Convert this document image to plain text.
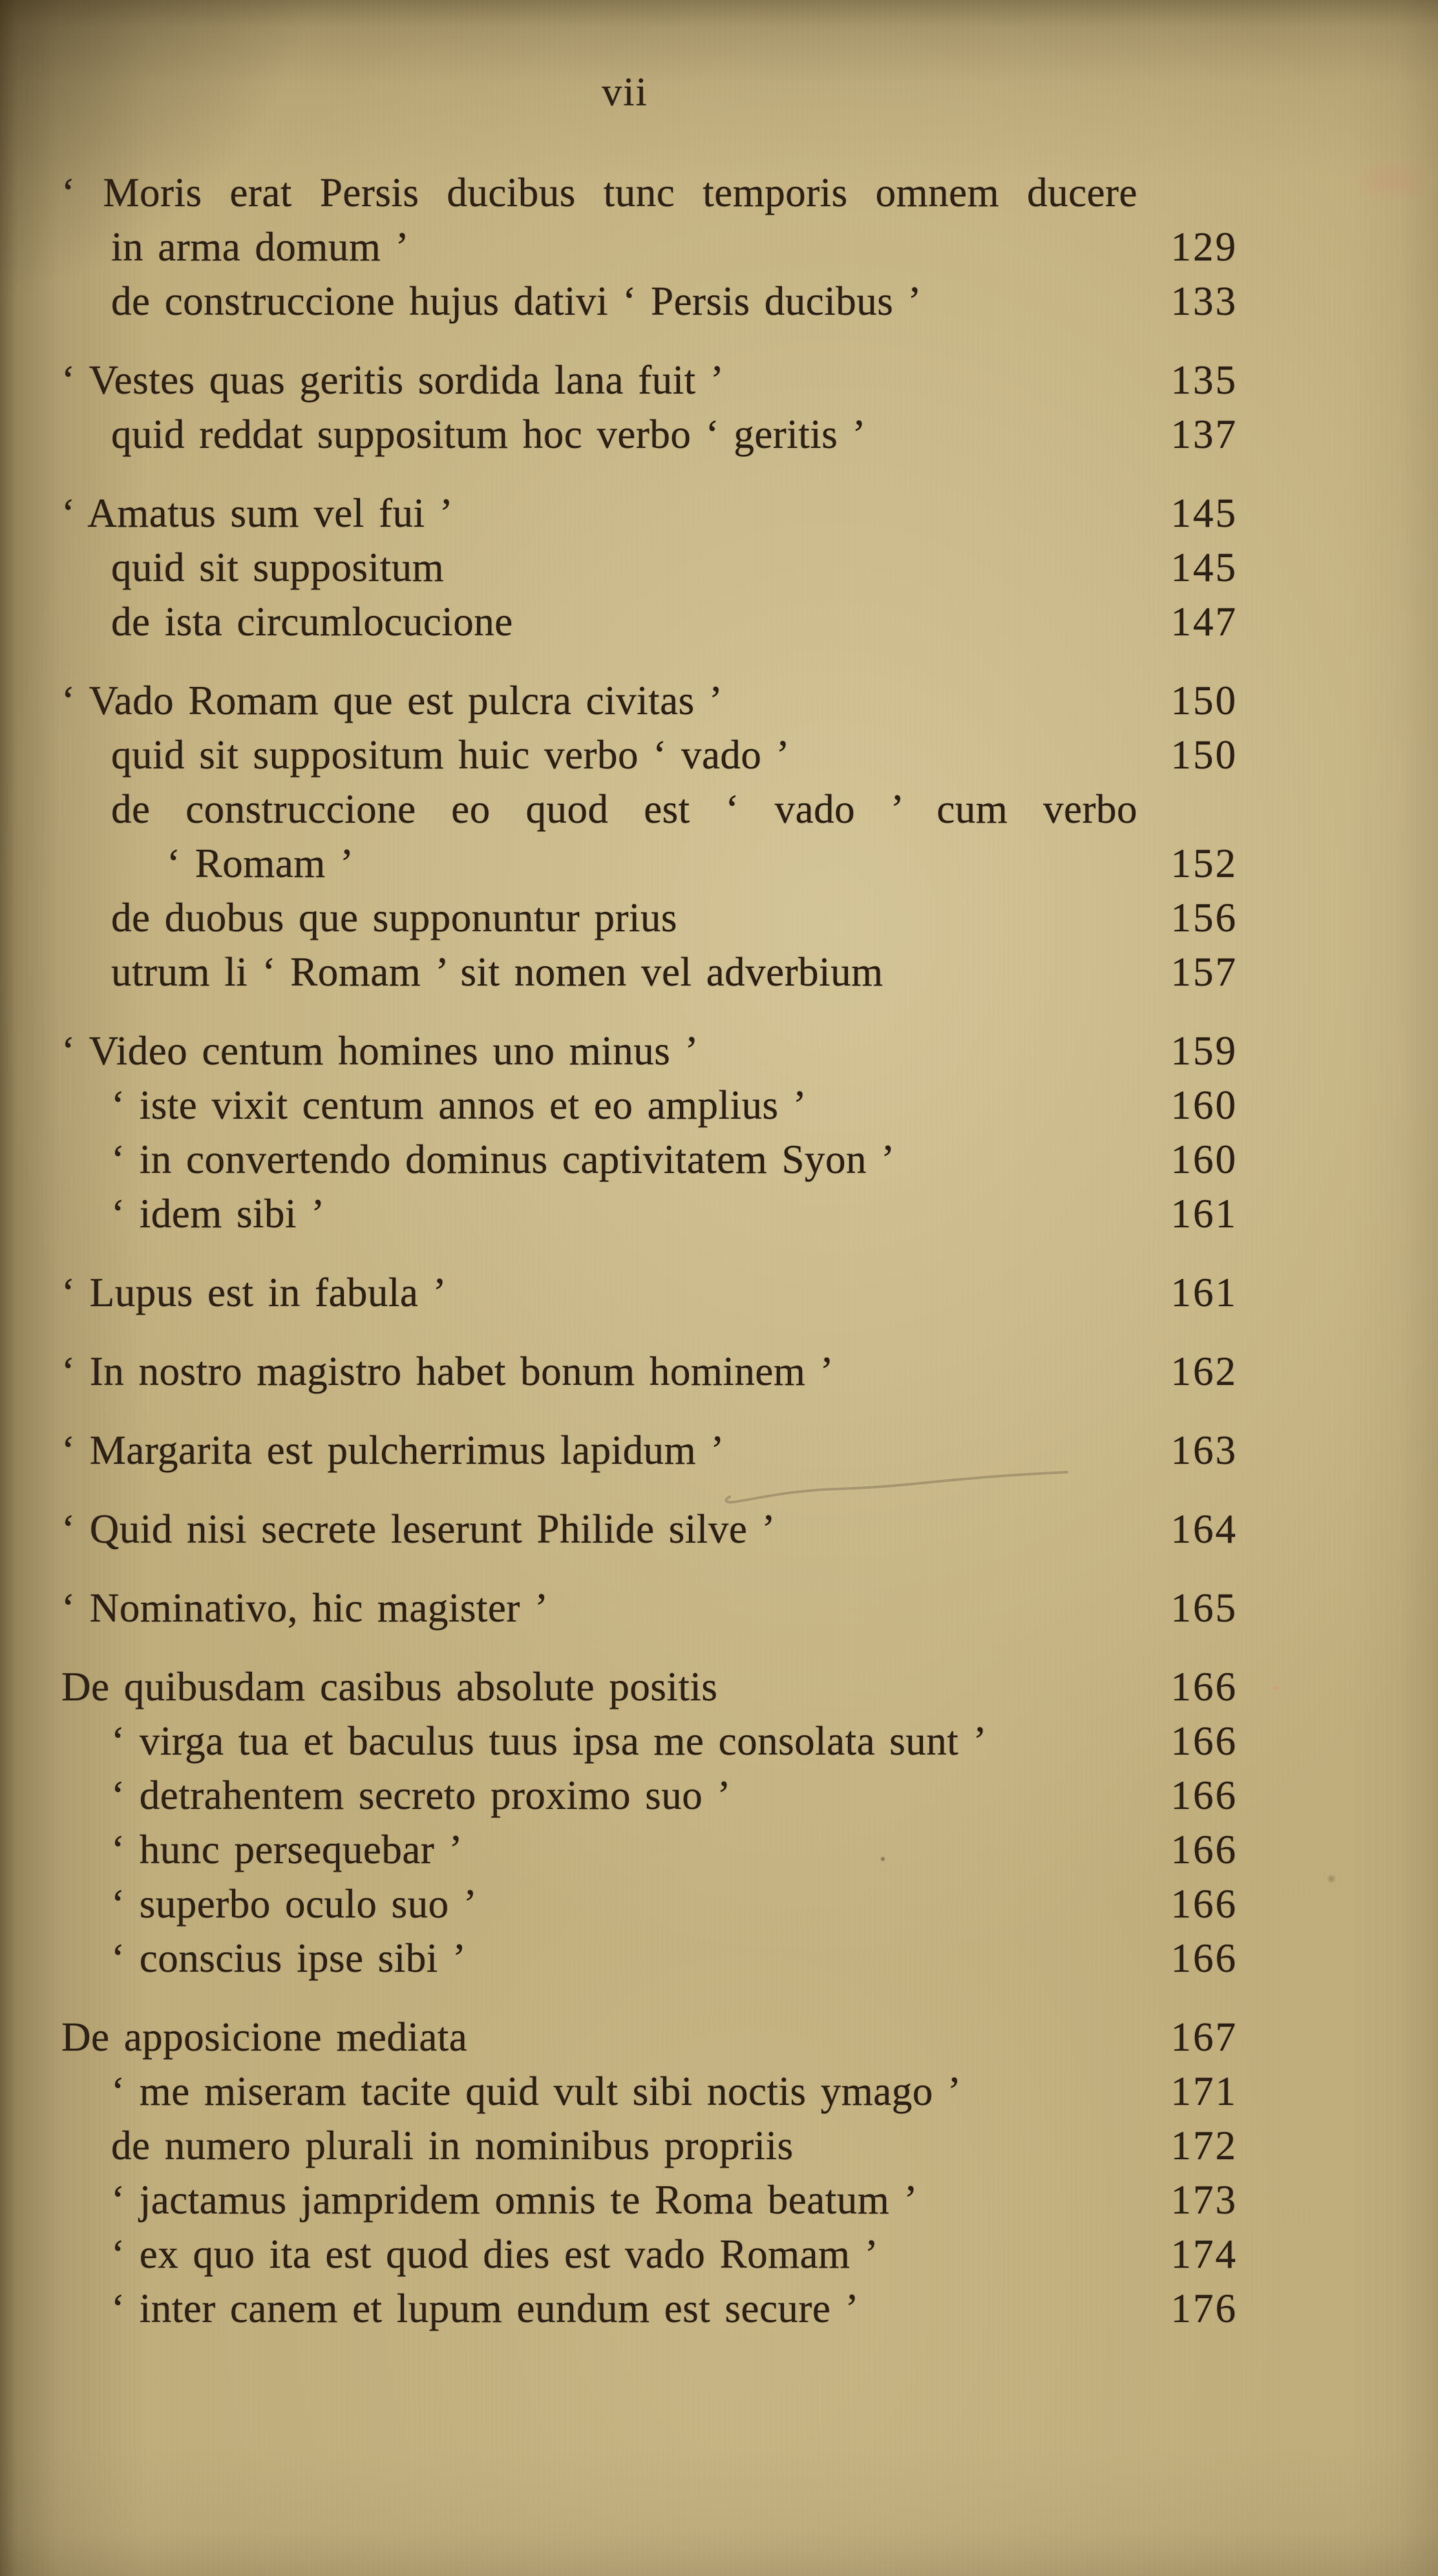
vii
‘ Moris erat Persis ducibus tunc temporis omnem ducere
in arma domum ’	129
de construccione hujus dativi ‘ Persis ducibus ’	133
‘ Vestes quas geritis sordida lana fuit ’	135
quid reddat suppositum hoc verbo ‘ geritis ’	137
‘ Amatus sum vel fui ’	145
quid sit suppositum	145
de ista circumlocucione	147
‘ Vado Romam que est pulcra civitas ’	150
quid sit suppositum huic verbo ‘ vado ’	150
de construccione eo quod est ‘ vado ’ cum verbo
‘ Romam ’	152
de duobus que supponuntur prius	156
utrum li ‘ Romam ’ sit nomen vel adverbium	157
‘ Video centum homines uno minus ’	159
‘ iste vixit centum annos et eo amplius ’	160
‘ in convertendo dominus captivitatem Syon ’	160
‘ idem sibi ’	161
‘ Lupus est in fabula ’	161
‘ In nostro magistro habet bonum hominem ’	162
‘ Margarita est pulcherrimus lapidum ’	163
‘ Quid nisi secrete leserunt Philide silve ’	164
‘ Nominativo, hic magister ’	165
De quibusdam casibus absolute positis	166
‘ virga tua et baculus tuus ipsa me consolata sunt ’	166
‘ detrahentem secreto proximo suo ’	166
‘ hunc persequebar ’	166
‘ superbo oculo suo ’	166
‘ conscius ipse sibi ’	166
De apposicione mediata	167
‘ me miseram tacite quid vult sibi noctis ymago ’	171
de numero plurali in nominibus propriis	172
‘ jactamus jampridem omnis te Roma beatum ’	173
‘ ex quo ita est quod dies est vado Romam ’	174
‘ inter canem et lupum eundum est secure ’	176
